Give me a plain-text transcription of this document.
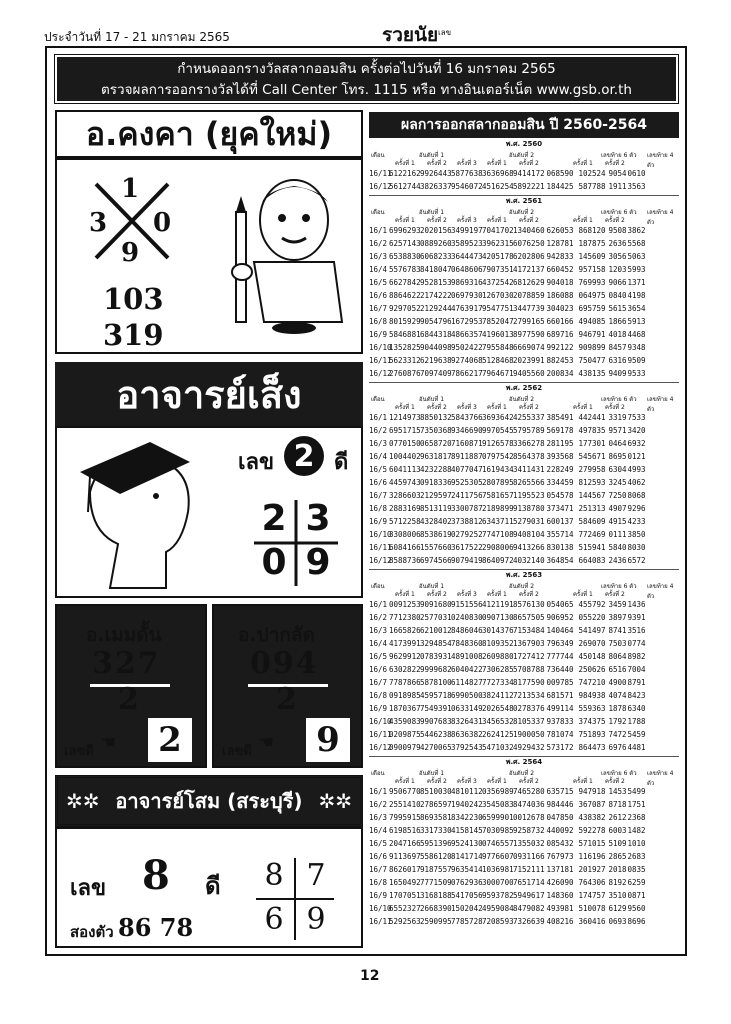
ประจำวันที่ 17 - 21 มกราคม 2565	รวยนัย เลข
กำหนดออกรางวัลสลากออมสิน ครั้งต่อไปวันที่ 16 มกราคม 2565
ตรวจผลการออกรางวัลได้ที่ Call Center โทร. 1115 หรือ ทางอินเตอร์เน็ต www.gsb.or.th
อ.คงคา (ยุคใหม่)
1
3 0
9
103
319
อาจารย์เส็ง
เลข 2 ดี
2 3
0 9
อ.เมมดั้น
327
2
เลขดี ☚ 2
อ.ปากลัด
094
2
เลขดี ☚ 9
✲✲ อาจารย์โสม (สระบุรี) ✲✲
เลข 8 ดี 8 7
6 9
สองตัว 86 78
ผลการออกสลากออมสิน ปี 2560-2564
พ.ศ. 2560
เดือน	อันดับที่ 1	อันดับที่ 2	เลขท้าย 6 ตัว เลขท้าย 4 ตัว
ครั้งที่ 1 ครั้งที่ 2 ครั้งที่ 3 ครั้งที่ 1 ครั้งที่ 2	ครั้งที่ 1 ครั้งที่ 2
16/11
6122162 9926443 5877638 3636968 9414172 068590 102524 9054 0610
16/12
5612744 3826337 9546072 4516254 5892221 184425 587788 1911 3563
พ.ศ. 2561
เดือน	อันดับที่ 1	อันดับที่ 2	เลขท้าย 6 ตัว เลขท้าย 4 ตัว
ครั้งที่ 1 ครั้งที่ 2 ครั้งที่ 3 ครั้งที่ 1 ครั้งที่ 2	ครั้งที่ 1 ครั้งที่ 2
16/1 6996293 2020156 3499197 7041702 1340460 626053 868120 9508 3862
16/2 6257143 0889260 3589523 3962315 6076250 128781 187875 2636 5568
16/3 6538830 6068233 3644473 4205178 6202806 942833 145609 3056 5063
16/4 5576783 8418047 0648606 7907351 4172137 660452 957158 1203 5993
16/5 6627842 9528153 9869316 4372542 6812629 904018 769993 9066 1371
16/6 8864622 2174222 0697930 1267030 2078859 186088 064975 0840 4198
16/7 9297052 2129244 4763917 9547751 3447739 304023 695759 5615 3654
16/8 8015929 9054796 1672953 7852047 2799165 660166 494085 1866 5913
16/9 5846881 6844318 4866357 4196013 8977590 689716 946791 4018 4468
16/10
1352825 9044098 9502422 7955848 6669074 992122 909899 8457 9348
16/11
5623312 6219638 9274068 5128468 2023991 882453 750477 6316 9509
16/12
2760876 7097409 7866217 7964671 9405560 200834 438135 9409 9533
พ.ศ. 2562
เดือน	อันดับที่ 1	อันดับที่ 2	เลขท้าย 6 ตัว เลขท้าย 4 ตัว
ครั้งที่ 1 ครั้งที่ 2 ครั้งที่ 3 ครั้งที่ 1 ครั้งที่ 2	ครั้งที่ 1 ครั้งที่ 2
16/1 1214973 8850132 5843766 3693642 4255337 385491 442441 3319 7533
16/2 6951715 7350368 9346690 9970545 5795789 569178 497835 9571 3420
16/3 0770150 0658720 7160871 9126578 3366278 281195 177301 0464 6932
16/4 1004402 9631817 8911887 0797542 8564378 393568 545671 8695 0121
16/5 6041113 4232288 4077047 1619434 3411431 228249 279958 6304 4993
16/6 4459743 0918336 9525305 2807895 8265566 334459 812593 3245 4062
16/7 3286603 2129597 2411756 7581657 1195523 054578 144567 7250 8068
16/8 2883169 8513119 3300787 2189899 9138780 373471 251313 4907 9296
16/9 5712258 4328402 3738812 6343711 5279031 600137 584609 4915 4233
16/10
3308006 8538619 0279252 7747108 9408104 355714 772469 0111 3850
16/11
6084166 1557660 3617522 2908006 9413266 830138 515941 5840 8030
16/12
8588736 6974566 9079419 8640972 4032140 364854 664083 2436 6572
พ.ศ. 2563
เดือน	อันดับที่ 1	อันดับที่ 2	เลขท้าย 6 ตัว เลขท้าย 4 ตัว
ครั้งที่ 1 ครั้งที่ 2 ครั้งที่ 3 ครั้งที่ 1 ครั้งที่ 2	ครั้งที่ 1 ครั้งที่ 2
16/1 0091253 9091680 9151556 4121191 8576130 054065 455792 3459 1436
16/2 7712380 2577031 0240830 0907130 8657505 906952 055220 3897 9391
16/3 1665826 6210012 8486046 3014376 7153484 140464 541497 8741 3516
16/4 4173991 3294854 7848360 8109352 1367903 796349 269070 7503 0774
16/5 9629912 0783931 4891008 2609880 1727412 777744 450148 8064 8982
16/6 6302822 9999682 6040422 7306285 5708788 736440 250626 6516 7004
16/7 7787866 5878100 6114827 7727334 8177590 009785 747210 4900 8791
16/8 0918985 4595718 6990500 3824112 7213534 681571 984938 4074 8423
16/9 1870367 7549391 0633149 2026548 0278376 499114 559363 1878 6340
16/10
4359083 9907683 8326431 3456532 8105337 937833 374375 1792 1788
16/11
0209875 5446238 8636382 2624125 1900050 781074 751893 7472 5459
16/12
0900979 4270065 3792543 5471032 4929432 573172 864473 6976 4481
พ.ศ. 2564
เดือน	อันดับที่ 1	อันดับที่ 2	เลขท้าย 6 ตัว เลขท้าย 4 ตัว
ครั้งที่ 1 ครั้งที่ 2 ครั้งที่ 3 ครั้งที่ 1 ครั้งที่ 2	ครั้งที่ 1 ครั้งที่ 2
16/1 9506770 8510030 4810112 0356989 7465280 635715 947918 1453 5499
16/2 2551410 2786597 1940242 3545083 8474036 984446 367087 8718 1751
16/3 7995915 8693581 8342230 6599901 0012678 047850 438382 2612 2368
16/4 6198516 3317330 4158145 7030985 9258732 440092 592278 6003 1482
16/5 2047166 5951396 9524130 0746557 1355032 085432 571015 5109 1010
16/6 9113697 5586120 8141714 9776607 0931166 767973 116196 2865 2683
16/7 8626017 9187557 9635414 1036981 7152111 137181 201927 2018 0835
16/8 1650492 7771509 0762936 3000700 7651714 426090 764306 8192 6259
16/9 1707051 3168188 5417056 9593782 5949617 148360 174757 3510 0871
16/10
6552327 2668390 1502042 4959084 8479082 493981 510078 6129 9560
16/11
5292563 2590995 7785728 7208593 7326639 408216 360416 0693 8696
12
